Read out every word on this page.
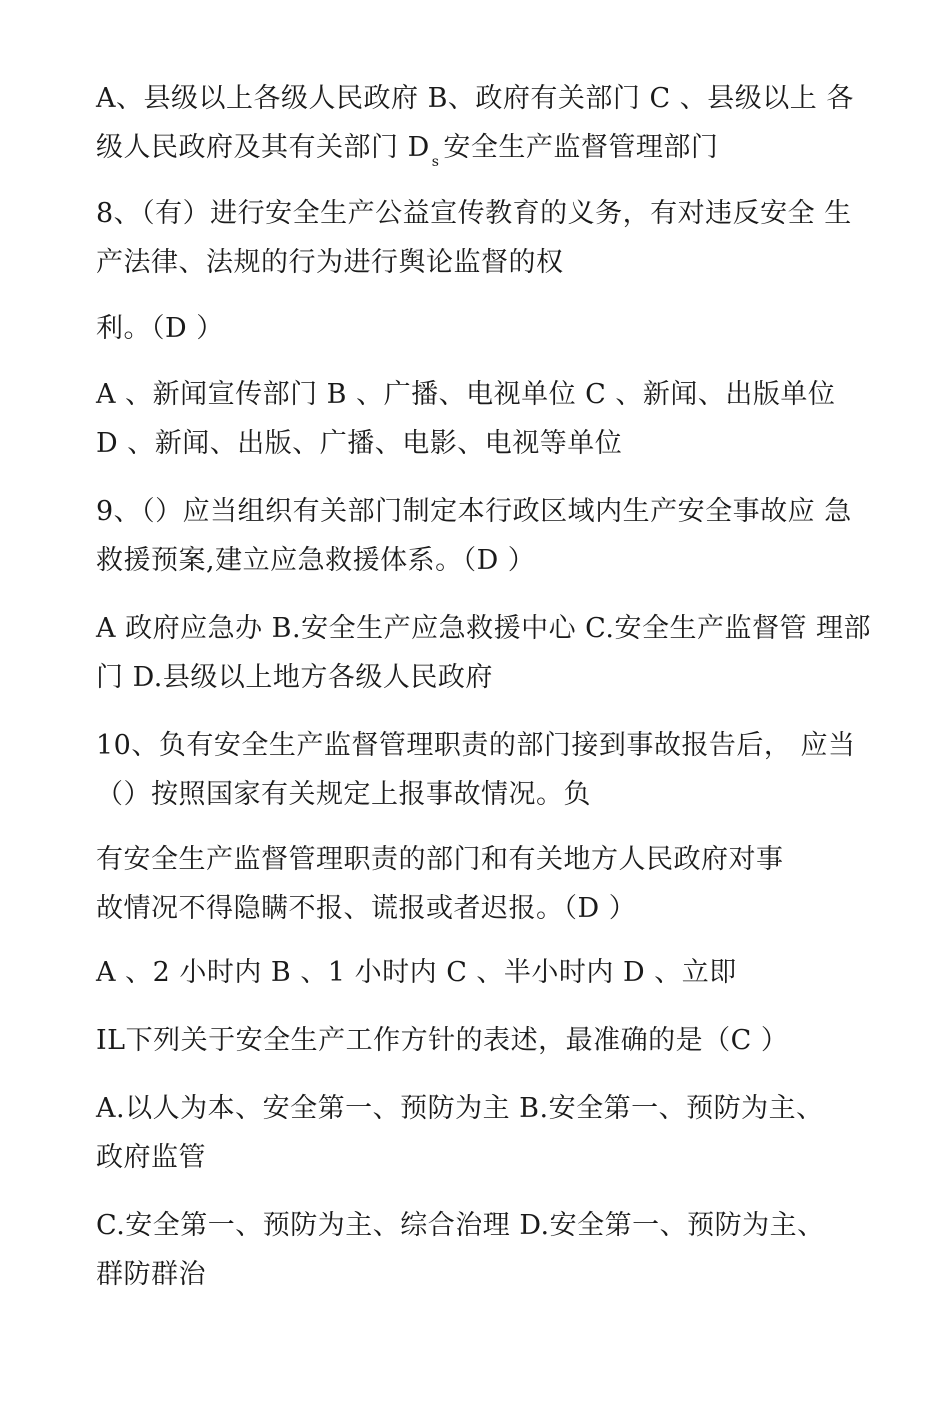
A、县级以上各级人民政府 B、政府有关部门 C 、县级以上 各
级人民政府及其有关部门 D $_s$ 安全生产监督管理部门
8、（有）进行安全生产公益宣传教育的义务，有对违反安全 生
产法律、法规的行为进行舆论监督的权
利。（D ）
A 、新闻宣传部门 B 、广播、电视单位 C 、新闻、出版单位
D 、新闻、出版、广播、电影、电视等单位
9、（）应当组织有关部门制定本行政区域内生产安全事故应 急
救援预案,建立应急救援体系。（D ）
A 政府应急办 B.安全生产应急救援中心 C.安全生产监督管 理部
门 D.县级以上地方各级人民政府
10、负有安全生产监督管理职责的部门接到事故报告后， 应当
（）按照国家有关规定上报事故情况。负
有安全生产监督管理职责的部门和有关地方人民政府对事
故情况不得隐瞒不报、谎报或者迟报。（D ）
A 、2 小时内 B 、1 小时内 C 、半小时内 D 、立即
IL下列关于安全生产工作方针的表述，最准确的是（C ）
A.以人为本、安全第一、预防为主 B.安全第一、预防为主、
政府监管
C.安全第一、预防为主、综合治理 D.安全第一、预防为主、
群防群治
